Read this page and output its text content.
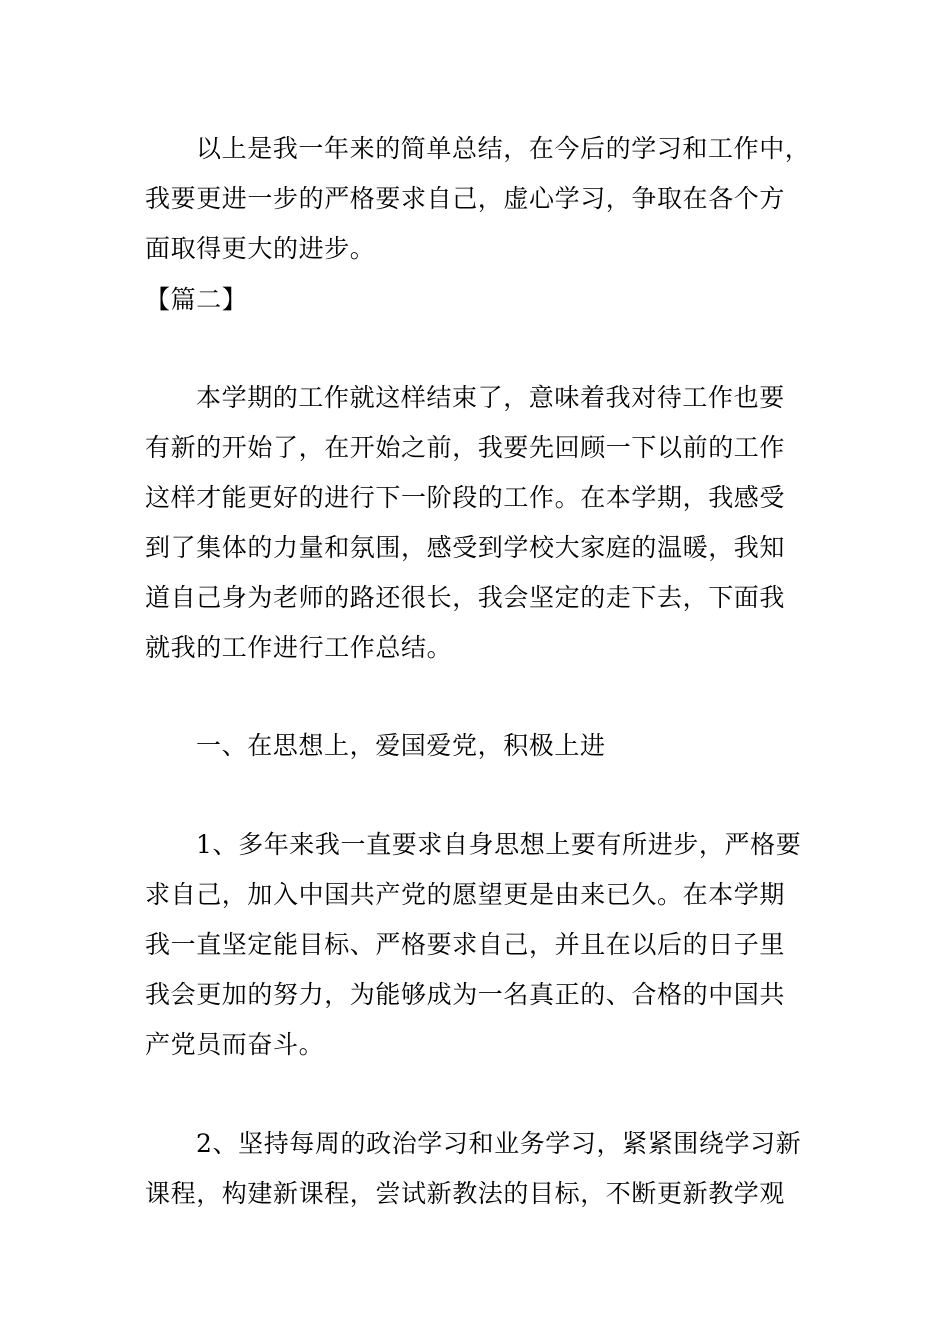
以上是我一年来的简单总结，在今后的学习和工作中，
我要更进一步的严格要求自己，虚心学习，争取在各个方
面取得更大的进步。
【篇二】
本学期的工作就这样结束了，意味着我对待工作也要
有新的开始了，在开始之前，我要先回顾一下以前的工作
这样才能更好的进行下一阶段的工作。在本学期，我感受
到了集体的力量和氛围，感受到学校大家庭的温暖，我知
道自己身为老师的路还很长，我会坚定的走下去，下面我
就我的工作进行工作总结。
一、在思想上，爱国爱党，积极上进
1、多年来我一直要求自身思想上要有所进步，严格要
求自己，加入中国共产党的愿望更是由来已久。在本学期
我一直坚定能目标、严格要求自己，并且在以后的日子里
我会更加的努力，为能够成为一名真正的、合格的中国共
产党员而奋斗。
2、坚持每周的政治学习和业务学习，紧紧围绕学习新
课程，构建新课程，尝试新教法的目标，不断更新教学观
